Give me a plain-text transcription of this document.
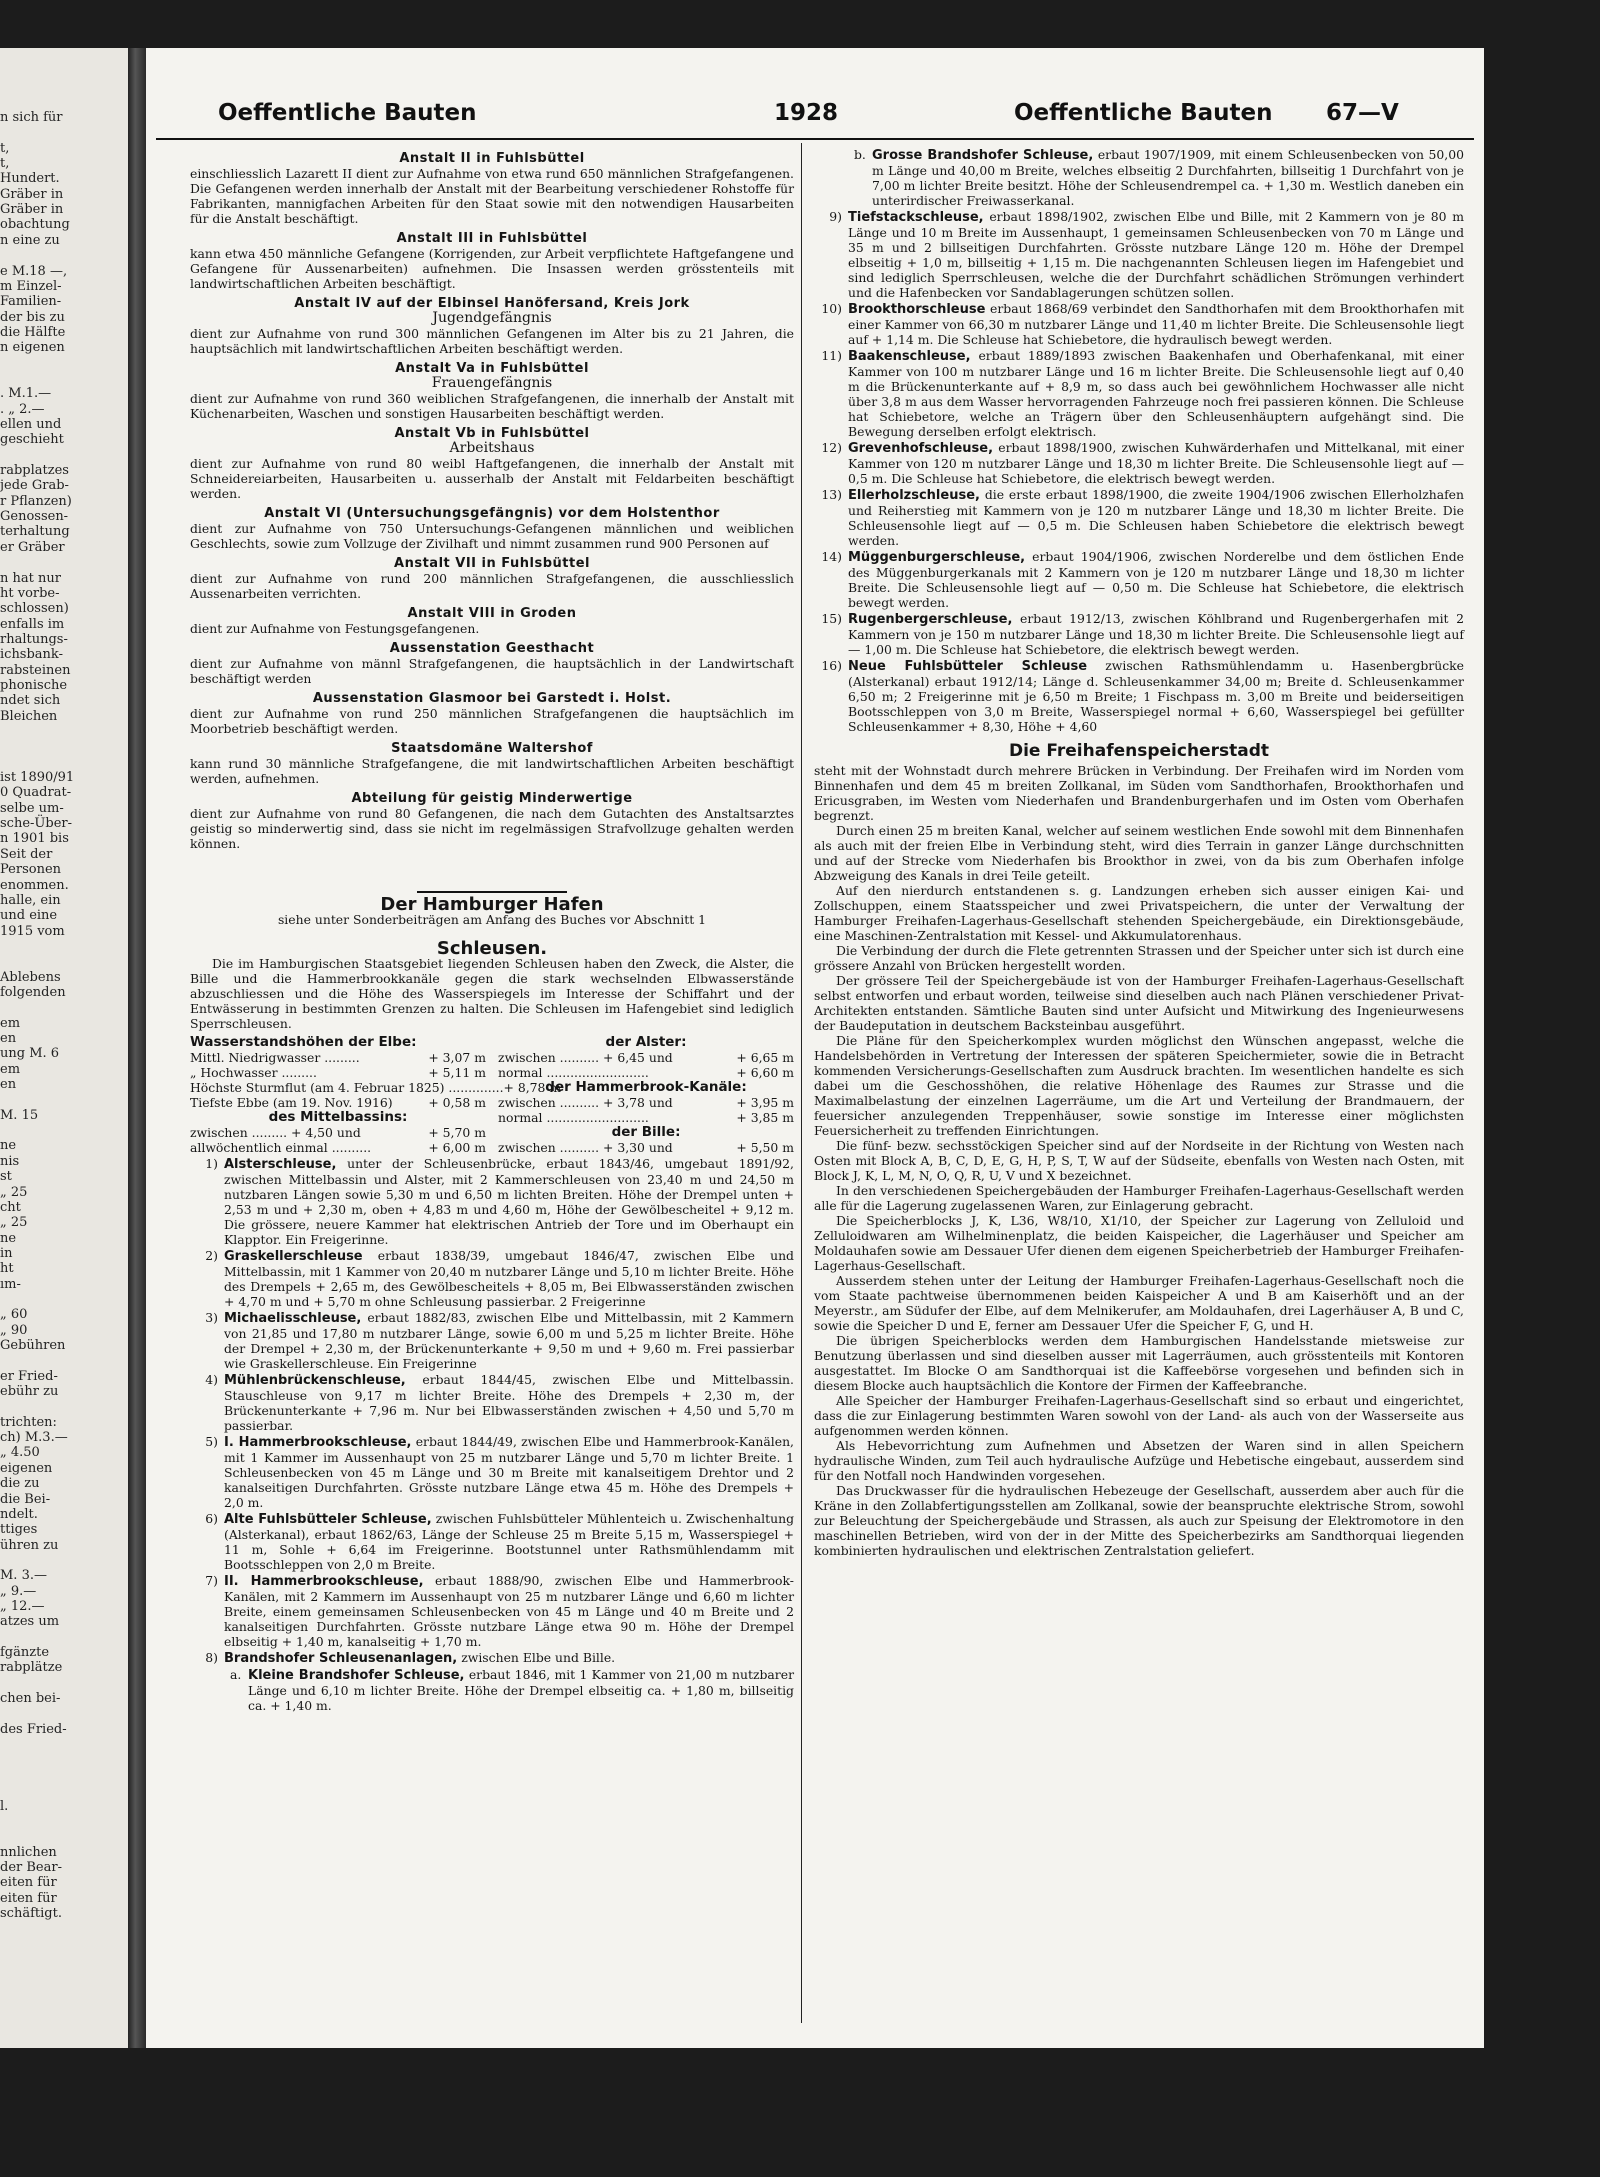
n sich für
t,
t,
Hundert.
Gräber in
Gräber in
obachtung
n eine zu
e M.18 —,
m Einzel-
Familien-
der bis zu
die Hälfte
n eigenen
. M.1.—
. „ 2.—
ellen und
geschieht
rabplatzes
jede Grab-
r Pflanzen)
Genossen-
terhaltung
er Gräber
n hat nur
ht vorbe-
schlossen)
enfalls im
rhaltungs-
ichsbank-
rabsteinen
phonische
ndet sich
Bleichen
ist 1890/91
0 Quadrat-
selbe um-
sche-Über-
n 1901 bis
Seit der
Personen
enommen.
halle, ein
und eine
1915 vom
Ablebens
folgenden
em
en
ung M. 6
em
en
M. 15
ne
nis
st
„ 25
cht
„ 25
ne
in
ht
ım-
„ 60
„ 90
Gebühren
er Fried-
ebühr zu
trichten:
ch) M.3.—
„ 4.50
eigenen
die zu
die Bei-
ndelt.
ttiges
ühren zu
M. 3.—
„ 9.—
„ 12.—
atzes um
fgänzte
rabplätze
chen bei-
des Fried-
l.
nnlichen
der Bear-
eiten für
eiten für
schäftigt.
Oeffentliche Bauten	1928	Oeffentliche Bauten 67—V
Anstalt II in Fuhlsbüttel
einschliesslich Lazarett II dient zur Aufnahme von etwa rund 650 männlichen Strafgefangenen. Die Gefangenen werden innerhalb der Anstalt mit der Bearbeitung verschiedener Rohstoffe für Fabrikanten, mannigfachen Arbeiten für den Staat sowie mit den notwendigen Hausarbeiten für die Anstalt beschäftigt.
Anstalt III in Fuhlsbüttel
kann etwa 450 männliche Gefangene (Korrigenden, zur Arbeit verpflichtete Haftgefangene und Gefangene für Aussenarbeiten) aufnehmen. Die Insassen werden grösstenteils mit landwirtschaftlichen Arbeiten beschäftigt.
Anstalt IV auf der Elbinsel Hanöfersand, Kreis Jork
Jugendgefängnis
dient zur Aufnahme von rund 300 männlichen Gefangenen im Alter bis zu 21 Jahren, die hauptsächlich mit landwirtschaftlichen Arbeiten beschäftigt werden.
Anstalt Va in Fuhlsbüttel
Frauengefängnis
dient zur Aufnahme von rund 360 weiblichen Strafgefangenen, die innerhalb der Anstalt mit Küchenarbeiten, Waschen und sonstigen Hausarbeiten beschäftigt werden.
Anstalt Vb in Fuhlsbüttel
Arbeitshaus
dient zur Aufnahme von rund 80 weibl Haftgefangenen, die innerhalb der Anstalt mit Schneidereiarbeiten, Hausarbeiten u. ausserhalb der Anstalt mit Feldarbeiten beschäftigt werden.
Anstalt VI (Untersuchungsgefängnis) vor dem Holstenthor
dient zur Aufnahme von 750 Untersuchungs-Gefangenen männlichen und weiblichen Geschlechts, sowie zum Vollzuge der Zivilhaft und nimmt zusammen rund 900 Personen auf
Anstalt VII in Fuhlsbüttel
dient zur Aufnahme von rund 200 männlichen Strafgefangenen, die ausschliesslich Aussenarbeiten verrichten.
Anstalt VIII in Groden
dient zur Aufnahme von Festungsgefangenen.
Aussenstation Geesthacht
dient zur Aufnahme von männl Strafgefangenen, die hauptsächlich in der Landwirtschaft beschäftigt werden
Aussenstation Glasmoor bei Garstedt i. Holst.
dient zur Aufnahme von rund 250 männlichen Strafgefangenen die hauptsächlich im Moorbetrieb beschäftigt werden.
Staatsdomäne Waltershof
kann rund 30 männliche Strafgefangene, die mit landwirtschaftlichen Arbeiten beschäftigt werden, aufnehmen.
Abteilung für geistig Minderwertige
dient zur Aufnahme von rund 80 Gefangenen, die nach dem Gutachten des Anstaltsarztes geistig so minderwertig sind, dass sie nicht im regelmässigen Strafvollzuge gehalten werden können.
Der Hamburger Hafen
siehe unter Sonderbeiträgen am Anfang des Buches vor Abschnitt 1
Schleusen.
Die im Hamburgischen Staatsgebiet liegenden Schleusen haben den Zweck, die Alster, die Bille und die Hammerbrookkanäle gegen die stark wechselnden Elbwasserstände abzuschliessen und die Höhe des Wasserspiegels im Interesse der Schiffahrt und der Entwässerung in bestimmten Grenzen zu halten. Die Schleusen im Hafengebiet sind lediglich Sperrschleusen.
Wasserstandshöhen der Elbe:
Mittl. Niedrigwasser .........	+ 3,07 m
„ Hochwasser .........	+ 5,11 m
Höchste Sturmflut (am 4. Februar 1825) .............. + 8,78 m
Tiefste Ebbe (am 19. Nov. 1916)	+ 0,58 m
des Mittelbassins:
zwischen ......... + 4,50 und	+ 5,70 m
allwöchentlich einmal ..........	+ 6,00 m
der Alster:
zwischen .......... + 6,45 und	+ 6,65 m
normal ..........................	+ 6,60 m
der Hammerbrook-Kanäle:
zwischen .......... + 3,78 und	+ 3,95 m
normal ..........................	+ 3,85 m
der Bille:
zwischen .......... + 3,30 und	+ 5,50 m
1) Alsterschleuse, unter der Schleusenbrücke, erbaut 1843/46, umgebaut 1891/92, zwischen Mittelbassin und Alster, mit 2 Kammerschleusen von 23,40 m und 24,50 m nutzbaren Längen sowie 5,30 m und 6,50 m lichten Breiten. Höhe der Drempel unten + 2,53 m und + 2,30 m, oben + 4,83 m und 4,60 m, Höhe der Gewölbescheitel + 9,12 m. Die grössere, neuere Kammer hat elektrischen Antrieb der Tore und im Oberhaupt ein Klapptor. Ein Freigerinne.
2) Graskellerschleuse erbaut 1838/39, umgebaut 1846/47, zwischen Elbe und Mittelbassin, mit 1 Kammer von 20,40 m nutzbarer Länge und 5,10 m lichter Breite. Höhe des Drempels + 2,65 m, des Gewölbescheitels + 8,05 m, Bei Elbwasserständen zwischen + 4,70 m und + 5,70 m ohne Schleusung passierbar. 2 Freigerinne
3) Michaelisschleuse, erbaut 1882/83, zwischen Elbe und Mittelbassin, mit 2 Kammern von 21,85 und 17,80 m nutzbarer Länge, sowie 6,00 m und 5,25 m lichter Breite. Höhe der Drempel + 2,30 m, der Brückenunterkante + 9,50 m und + 9,60 m. Frei passierbar wie Graskellerschleuse. Ein Freigerinne
4) Mühlenbrückenschleuse, erbaut 1844/45, zwischen Elbe und Mittelbassin. Stauschleuse von 9,17 m lichter Breite. Höhe des Drempels + 2,30 m, der Brückenunterkante + 7,96 m. Nur bei Elbwasserständen zwischen + 4,50 und 5,70 m passierbar.
5) I. Hammerbrookschleuse, erbaut 1844/49, zwischen Elbe und Hammerbrook-Kanälen, mit 1 Kammer im Aussenhaupt von 25 m nutzbarer Länge und 5,70 m lichter Breite. 1 Schleusenbecken von 45 m Länge und 30 m Breite mit kanalseitigem Drehtor und 2 kanalseitigen Durchfahrten. Grösste nutzbare Länge etwa 45 m. Höhe des Drempels + 2,0 m.
6) Alte Fuhlsbütteler Schleuse, zwischen Fuhlsbütteler Mühlenteich u. Zwischenhaltung (Alsterkanal), erbaut 1862/63, Länge der Schleuse 25 m Breite 5,15 m, Wasserspiegel + 11 m, Sohle + 6,64 im Freigerinne. Bootstunnel unter Rathsmühlendamm mit Bootsschleppen von 2,0 m Breite.
7) II. Hammerbrookschleuse, erbaut 1888/90, zwischen Elbe und Hammerbrook-Kanälen, mit 2 Kammern im Aussenhaupt von 25 m nutzbarer Länge und 6,60 m lichter Breite, einem gemeinsamen Schleusenbecken von 45 m Länge und 40 m Breite und 2 kanalseitigen Durchfahrten. Grösste nutzbare Länge etwa 90 m. Höhe der Drempel elbseitig + 1,40 m, kanalseitig + 1,70 m.
8) Brandshofer Schleusenanlagen, zwischen Elbe und Bille.
a. Kleine Brandshofer Schleuse, erbaut 1846, mit 1 Kammer von 21,00 m nutzbarer Länge und 6,10 m lichter Breite. Höhe der Drempel elbseitig ca. + 1,80 m, billseitig ca. + 1,40 m.
b. Grosse Brandshofer Schleuse, erbaut 1907/1909, mit einem Schleusenbecken von 50,00 m Länge und 40,00 m Breite, welches elbseitig 2 Durchfahrten, billseitig 1 Durchfahrt von je 7,00 m lichter Breite besitzt. Höhe der Schleusendrempel ca. + 1,30 m. Westlich daneben ein unterirdischer Freiwasserkanal.
9) Tiefstackschleuse, erbaut 1898/1902, zwischen Elbe und Bille, mit 2 Kammern von je 80 m Länge und 10 m Breite im Aussenhaupt, 1 gemeinsamen Schleusenbecken von 70 m Länge und 35 m und 2 billseitigen Durchfahrten. Grösste nutzbare Länge 120 m. Höhe der Drempel elbseitig + 1,0 m, billseitig + 1,15 m. Die nachgenannten Schleusen liegen im Hafengebiet und sind lediglich Sperrschleusen, welche die der Durchfahrt schädlichen Strömungen verhindert und die Hafenbecken vor Sandablagerungen schützen sollen.
10) Brookthorschleuse erbaut 1868/69 verbindet den Sandthorhafen mit dem Brookthorhafen mit einer Kammer von 66,30 m nutzbarer Länge und 11,40 m lichter Breite. Die Schleusensohle liegt auf + 1,14 m. Die Schleuse hat Schiebetore, die hydraulisch bewegt werden.
11) Baakenschleuse, erbaut 1889/1893 zwischen Baakenhafen und Oberhafenkanal, mit einer Kammer von 100 m nutzbarer Länge und 16 m lichter Breite. Die Schleusensohle liegt auf 0,40 m die Brückenunterkante auf + 8,9 m, so dass auch bei gewöhnlichem Hochwasser alle nicht über 3,8 m aus dem Wasser hervorragenden Fahrzeuge noch frei passieren können. Die Schleuse hat Schiebetore, welche an Trägern über den Schleusenhäuptern aufgehängt sind. Die Bewegung derselben erfolgt elektrisch.
12) Grevenhofschleuse, erbaut 1898/1900, zwischen Kuhwärderhafen und Mittelkanal, mit einer Kammer von 120 m nutzbarer Länge und 18,30 m lichter Breite. Die Schleusensohle liegt auf — 0,5 m. Die Schleuse hat Schiebetore, die elektrisch bewegt werden.
13) Ellerholzschleuse, die erste erbaut 1898/1900, die zweite 1904/1906 zwischen Ellerholzhafen und Reiherstieg mit Kammern von je 120 m nutzbarer Länge und 18,30 m lichter Breite. Die Schleusensohle liegt auf — 0,5 m. Die Schleusen haben Schiebetore die elektrisch bewegt werden.
14) Müggenburgerschleuse, erbaut 1904/1906, zwischen Norderelbe und dem östlichen Ende des Müggenburgerkanals mit 2 Kammern von je 120 m nutzbarer Länge und 18,30 m lichter Breite. Die Schleusensohle liegt auf — 0,50 m. Die Schleuse hat Schiebetore, die elektrisch bewegt werden.
15) Rugenbergerschleuse, erbaut 1912/13, zwischen Köhlbrand und Rugenbergerhafen mit 2 Kammern von je 150 m nutzbarer Länge und 18,30 m lichter Breite. Die Schleusensohle liegt auf — 1,00 m. Die Schleuse hat Schiebetore, die elektrisch bewegt werden.
16) Neue Fuhlsbütteler Schleuse zwischen Rathsmühlendamm u. Hasenbergbrücke (Alsterkanal) erbaut 1912/14; Länge d. Schleusenkammer 34,00 m; Breite d. Schleusenkammer 6,50 m; 2 Freigerinne mit je 6,50 m Breite; 1 Fischpass m. 3,00 m Breite und beiderseitigen Bootsschleppen von 3,0 m Breite, Wasserspiegel normal + 6,60, Wasserspiegel bei gefüllter Schleusenkammer + 8,30, Höhe + 4,60
Die Freihafenspeicherstadt
steht mit der Wohnstadt durch mehrere Brücken in Verbindung. Der Freihafen wird im Norden vom Binnenhafen und dem 45 m breiten Zollkanal, im Süden vom Sandthorhafen, Brookthorhafen und Ericusgraben, im Westen vom Niederhafen und Brandenburgerhafen und im Osten vom Oberhafen begrenzt.
Durch einen 25 m breiten Kanal, welcher auf seinem westlichen Ende sowohl mit dem Binnenhafen als auch mit der freien Elbe in Verbindung steht, wird dies Terrain in ganzer Länge durchschnitten und auf der Strecke vom Niederhafen bis Brookthor in zwei, von da bis zum Oberhafen infolge Abzweigung des Kanals in drei Teile geteilt.
Auf den nierdurch entstandenen s. g. Landzungen erheben sich ausser einigen Kai- und Zollschuppen, einem Staatsspeicher und zwei Privatspeichern, die unter der Verwaltung der Hamburger Freihafen-Lagerhaus-Gesellschaft stehenden Speichergebäude, ein Direktionsgebäude, eine Maschinen-Zentralstation mit Kessel- und Akkumulatorenhaus.
Die Verbindung der durch die Flete getrennten Strassen und der Speicher unter sich ist durch eine grössere Anzahl von Brücken hergestellt worden.
Der grössere Teil der Speichergebäude ist von der Hamburger Freihafen-Lagerhaus-Gesellschaft selbst entworfen und erbaut worden, teilweise sind dieselben auch nach Plänen verschiedener Privat-Architekten entstanden. Sämtliche Bauten sind unter Aufsicht und Mitwirkung des Ingenieurwesens der Baudeputation in deutschem Backsteinbau ausgeführt.
Die Pläne für den Speicherkomplex wurden möglichst den Wünschen angepasst, welche die Handelsbehörden in Vertretung der Interessen der späteren Speichermieter, sowie die in Betracht kommenden Versicherungs-Gesellschaften zum Ausdruck brachten. Im wesentlichen handelte es sich dabei um die Geschosshöhen, die relative Höhenlage des Raumes zur Strasse und die Maximalbelastung der einzelnen Lagerräume, um die Art und Verteilung der Brandmauern, der feuersicher anzulegenden Treppenhäuser, sowie sonstige im Interesse einer möglichsten Feuersicherheit zu treffenden Einrichtungen.
Die fünf- bezw. sechsstöckigen Speicher sind auf der Nordseite in der Richtung von Westen nach Osten mit Block A, B, C, D, E, G, H, P, S, T, W auf der Südseite, ebenfalls von Westen nach Osten, mit Block J, K, L, M, N, O, Q, R, U, V und X bezeichnet.
In den verschiedenen Speichergebäuden der Hamburger Freihafen-Lagerhaus-Gesellschaft werden alle für die Lagerung zugelassenen Waren, zur Einlagerung gebracht.
Die Speicherblocks J, K, L36, W8/10, X1/10, der Speicher zur Lagerung von Zelluloid und Zelluloidwaren am Wilhelminenplatz, die beiden Kaispeicher, die Lagerhäuser und Speicher am Moldauhafen sowie am Dessauer Ufer dienen dem eigenen Speicherbetrieb der Hamburger Freihafen-Lagerhaus-Gesellschaft.
Ausserdem stehen unter der Leitung der Hamburger Freihafen-Lagerhaus-Gesellschaft noch die vom Staate pachtweise übernommenen beiden Kaispeicher A und B am Kaiserhöft und an der Meyerstr., am Südufer der Elbe, auf dem Melnikerufer, am Moldauhafen, drei Lagerhäuser A, B und C, sowie die Speicher D und E, ferner am Dessauer Ufer die Speicher F, G, und H.
Die übrigen Speicherblocks werden dem Hamburgischen Handelsstande mietsweise zur Benutzung überlassen und sind dieselben ausser mit Lagerräumen, auch grösstenteils mit Kontoren ausgestattet. Im Blocke O am Sandthorquai ist die Kaffeebörse vorgesehen und befinden sich in diesem Blocke auch hauptsächlich die Kontore der Firmen der Kaffeebranche.
Alle Speicher der Hamburger Freihafen-Lagerhaus-Gesellschaft sind so erbaut und eingerichtet, dass die zur Einlagerung bestimmten Waren sowohl von der Land- als auch von der Wasserseite aus aufgenommen werden können.
Als Hebevorrichtung zum Aufnehmen und Absetzen der Waren sind in allen Speichern hydraulische Winden, zum Teil auch hydraulische Aufzüge und Hebetische eingebaut, ausserdem sind für den Notfall noch Handwinden vorgesehen.
Das Druckwasser für die hydraulischen Hebezeuge der Gesellschaft, ausserdem aber auch für die Kräne in den Zollabfertigungsstellen am Zollkanal, sowie der beanspruchte elektrische Strom, sowohl zur Beleuchtung der Speichergebäude und Strassen, als auch zur Speisung der Elektromotore in den maschinellen Betrieben, wird von der in der Mitte des Speicherbezirks am Sandthorquai liegenden kombinierten hydraulischen und elektrischen Zentralstation geliefert.
